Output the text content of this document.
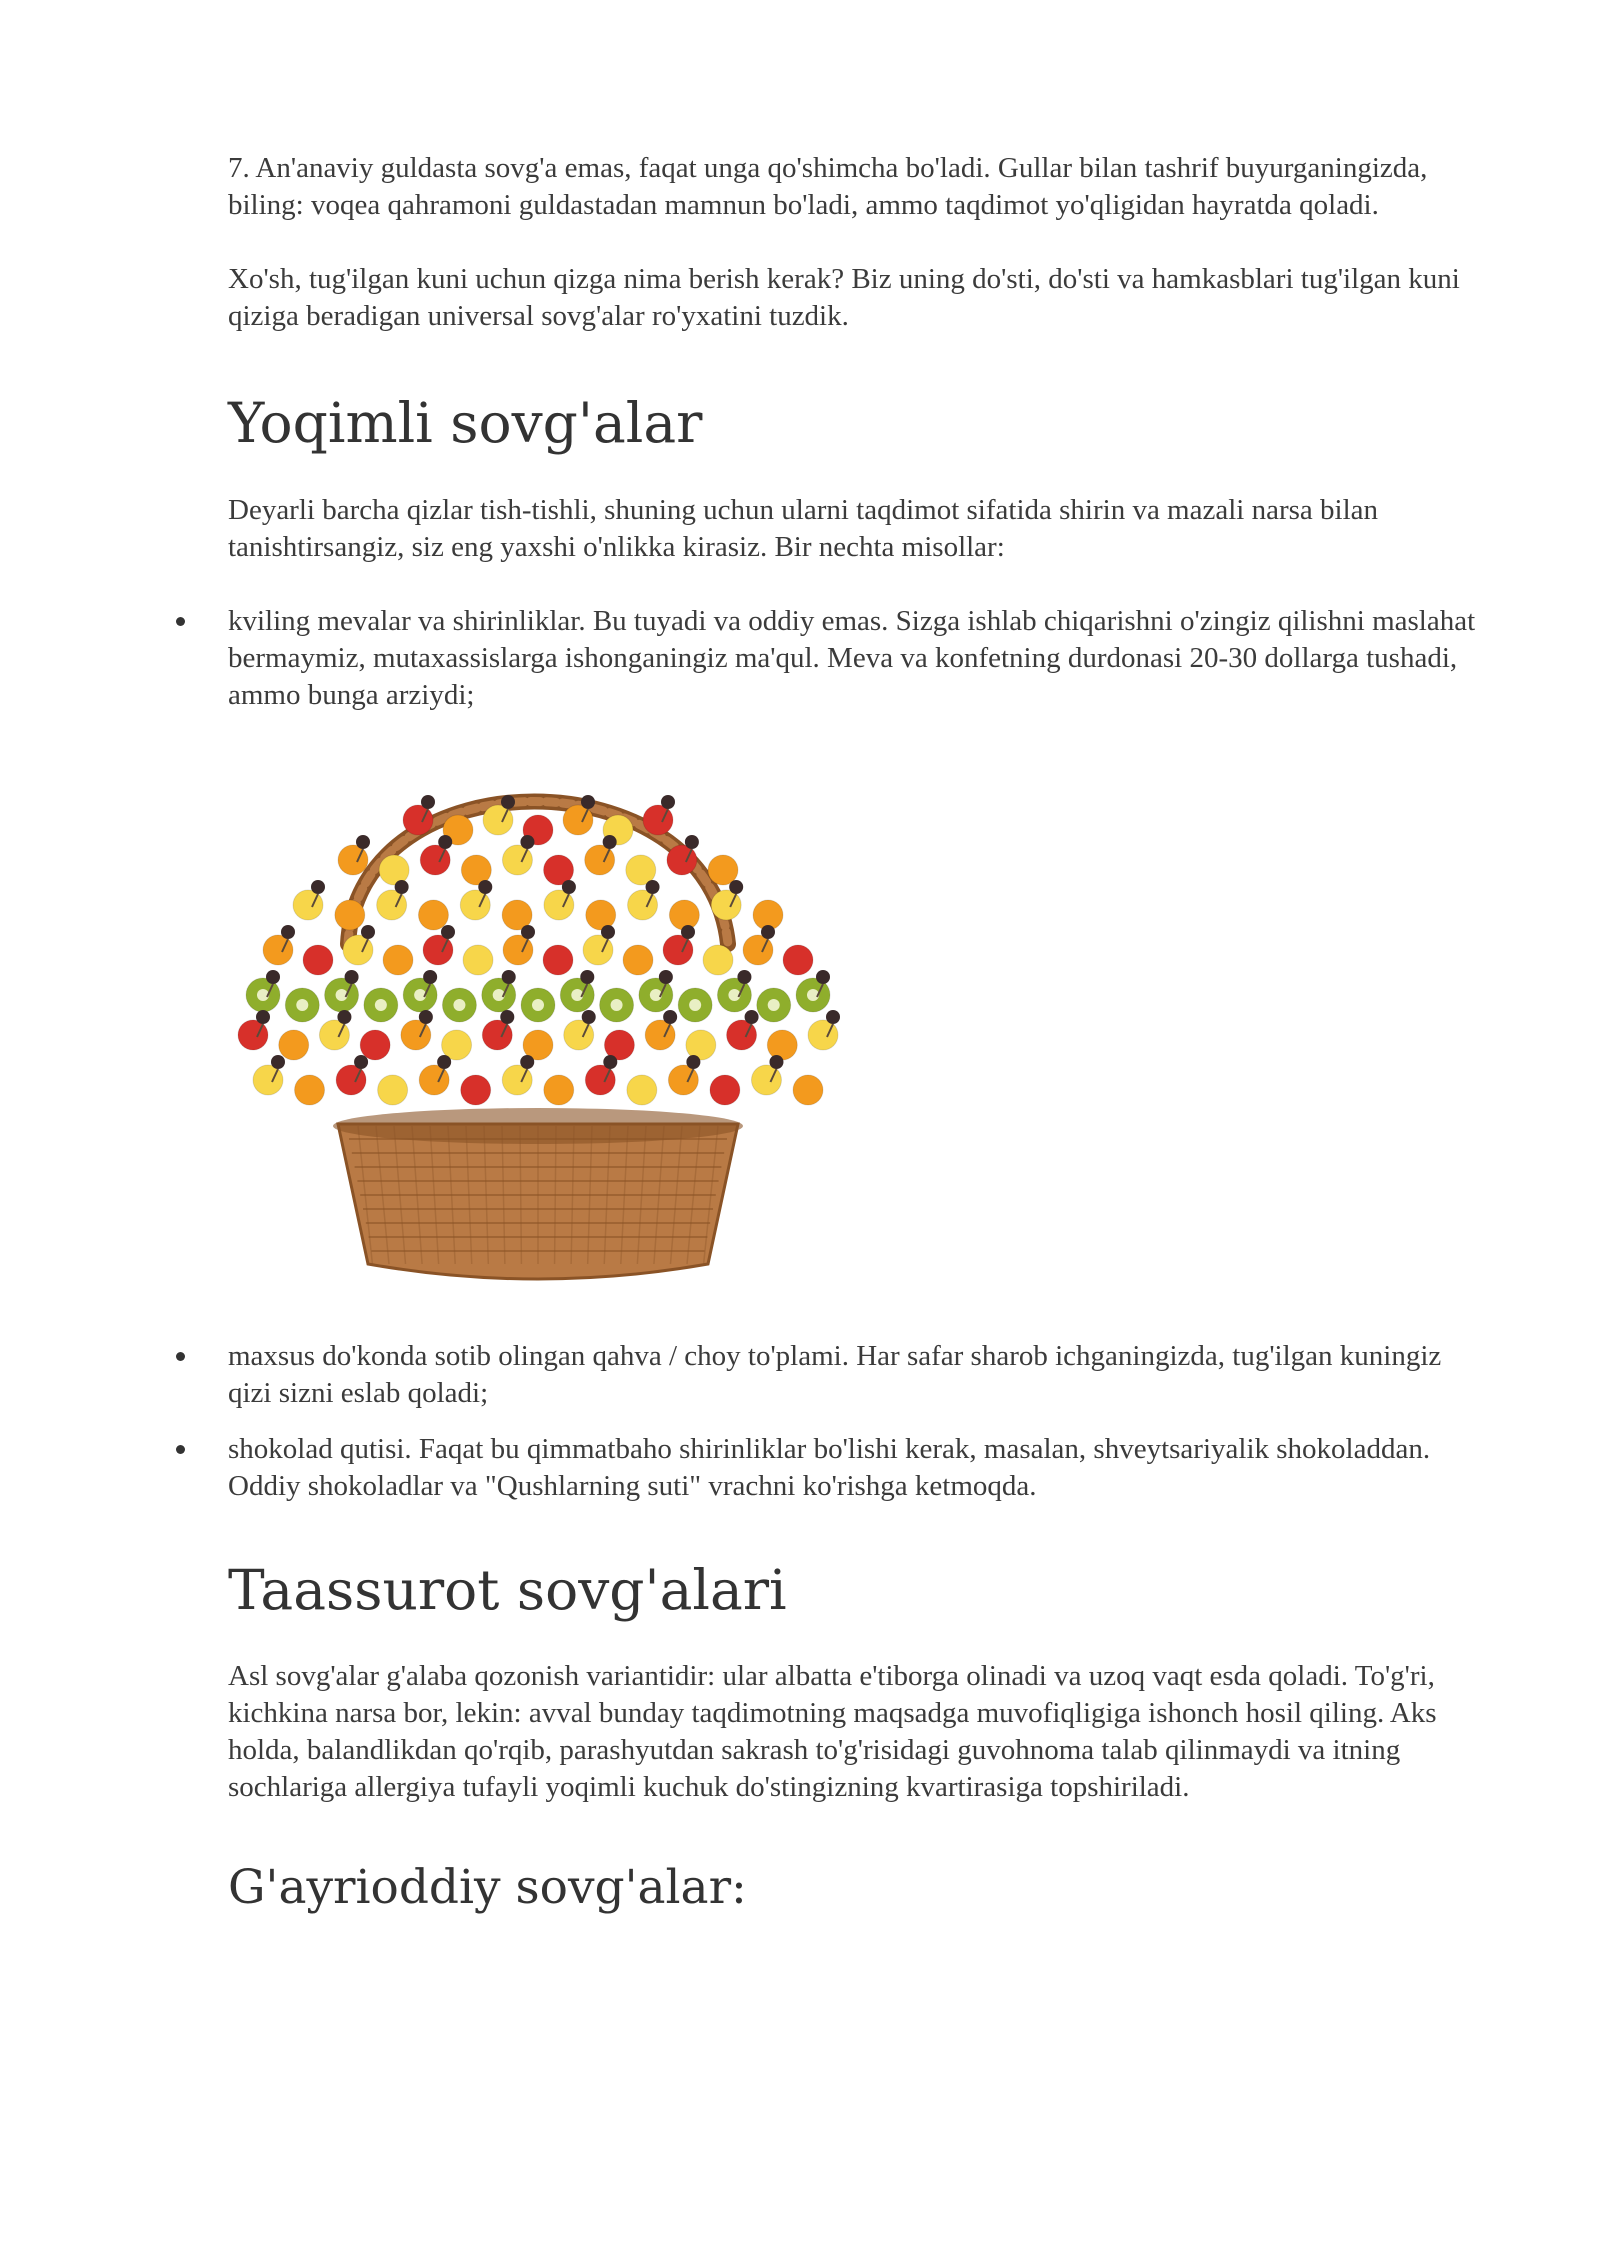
7. An'anaviy guldasta sovg'a emas, faqat unga qo'shimcha bo'ladi. Gullar bilan tashrif buyurganingizda, biling: voqea qahramoni guldastadan mamnun bo'ladi, ammo taqdimot yo'qligidan hayratda qoladi.

Xo'sh, tug'ilgan kuni uchun qizga nima berish kerak? Biz uning do'sti, do'sti va hamkasblari tug'ilgan kuni qiziga beradigan universal sovg'alar ro'yxatini tuzdik.

Yoqimli sovg'alar

Deyarli barcha qizlar tish-tishli, shuning uchun ularni taqdimot sifatida shirin va mazali narsa bilan tanishtirsangiz, siz eng yaxshi o'nlikka kirasiz. Bir nechta misollar:

kviling mevalar va shirinliklar. Bu tuyadi va oddiy emas. Sizga ishlab chiqarishni o'zingiz qilishni maslahat bermaymiz, mutaxassislarga ishonganingiz ma'qul. Meva va konfetning durdonasi 20-30 dollarga tushadi, ammo bunga arziydi;
maxsus do'konda sotib olingan qahva / choy to'plami. Har safar sharob ichganingizda, tug'ilgan kuningiz qizi sizni eslab qoladi;
shokolad qutisi. Faqat bu qimmatbaho shirinliklar bo'lishi kerak, masalan, shveytsariyalik shokoladdan. Oddiy shokoladlar va "Qushlarning suti" vrachni ko'rishga ketmoqda.
Taassurot sovg'alari

Asl sovg'alar g'alaba qozonish variantidir: ular albatta e'tiborga olinadi va uzoq vaqt esda qoladi. To'g'ri, kichkina narsa bor, lekin: avval bunday taqdimotning maqsadga muvofiqligiga ishonch hosil qiling. Aks holda, balandlikdan qo'rqib, parashyutdan sakrash to'g'risidagi guvohnoma talab qilinmaydi va itning sochlariga allergiya tufayli yoqimli kuchuk do'stingizning kvartirasiga topshiriladi.

G'ayrioddiy sovg'alar:
